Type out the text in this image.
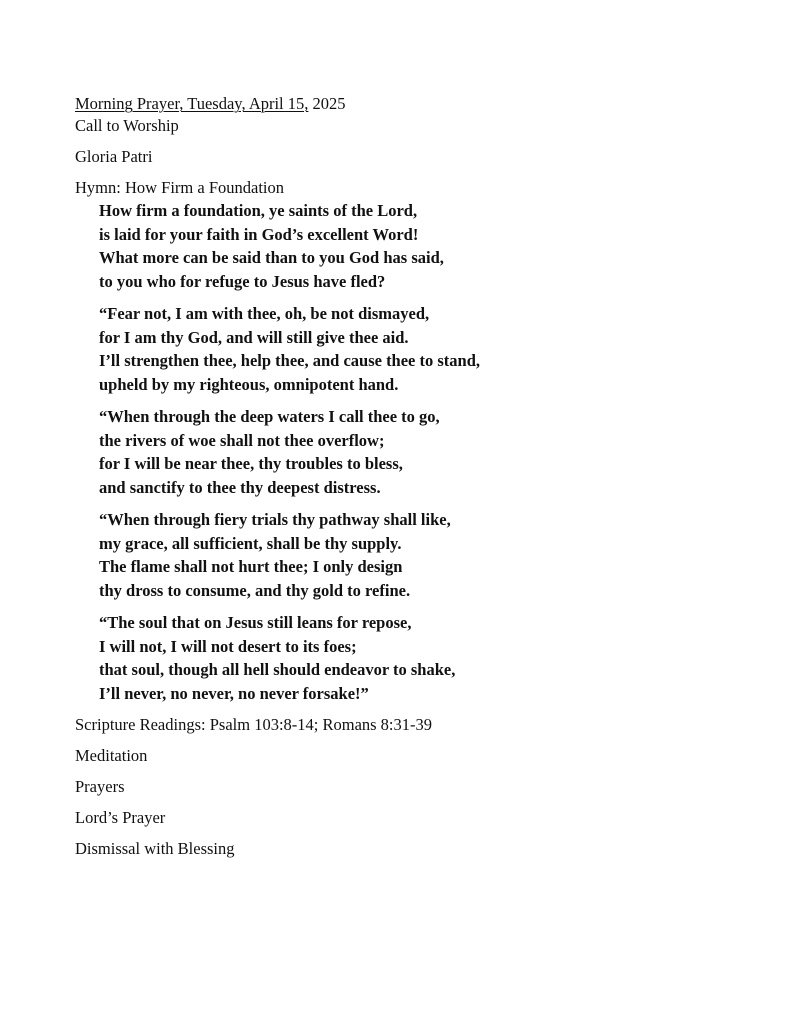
Morning Prayer, Tuesday, April 15, 2025

Call to Worship

Gloria Patri

Hymn: How Firm a Foundation

How firm a foundation, ye saints of the Lord,

is laid for your faith in God’s excellent Word!

What more can be said than to you God has said,

to you who for refuge to Jesus have fled?

“Fear not, I am with thee, oh, be not dismayed,

for I am thy God, and will still give thee aid.

I’ll strengthen thee, help thee, and cause thee to stand,

upheld by my righteous, omnipotent hand.

“When through the deep waters I call thee to go,

the rivers of woe shall not thee overflow;

for I will be near thee, thy troubles to bless,

and sanctify to thee thy deepest distress.

“When through fiery trials thy pathway shall like,

my grace, all sufficient, shall be thy supply.

The flame shall not hurt thee; I only design

thy dross to consume, and thy gold to refine.

“The soul that on Jesus still leans for repose,

I will not, I will not desert to its foes;

that soul, though all hell should endeavor to shake,

I’ll never, no never, no never forsake!”

Scripture Readings: Psalm 103:8-14; Romans 8:31-39

Meditation

Prayers

Lord’s Prayer

Dismissal with Blessing
